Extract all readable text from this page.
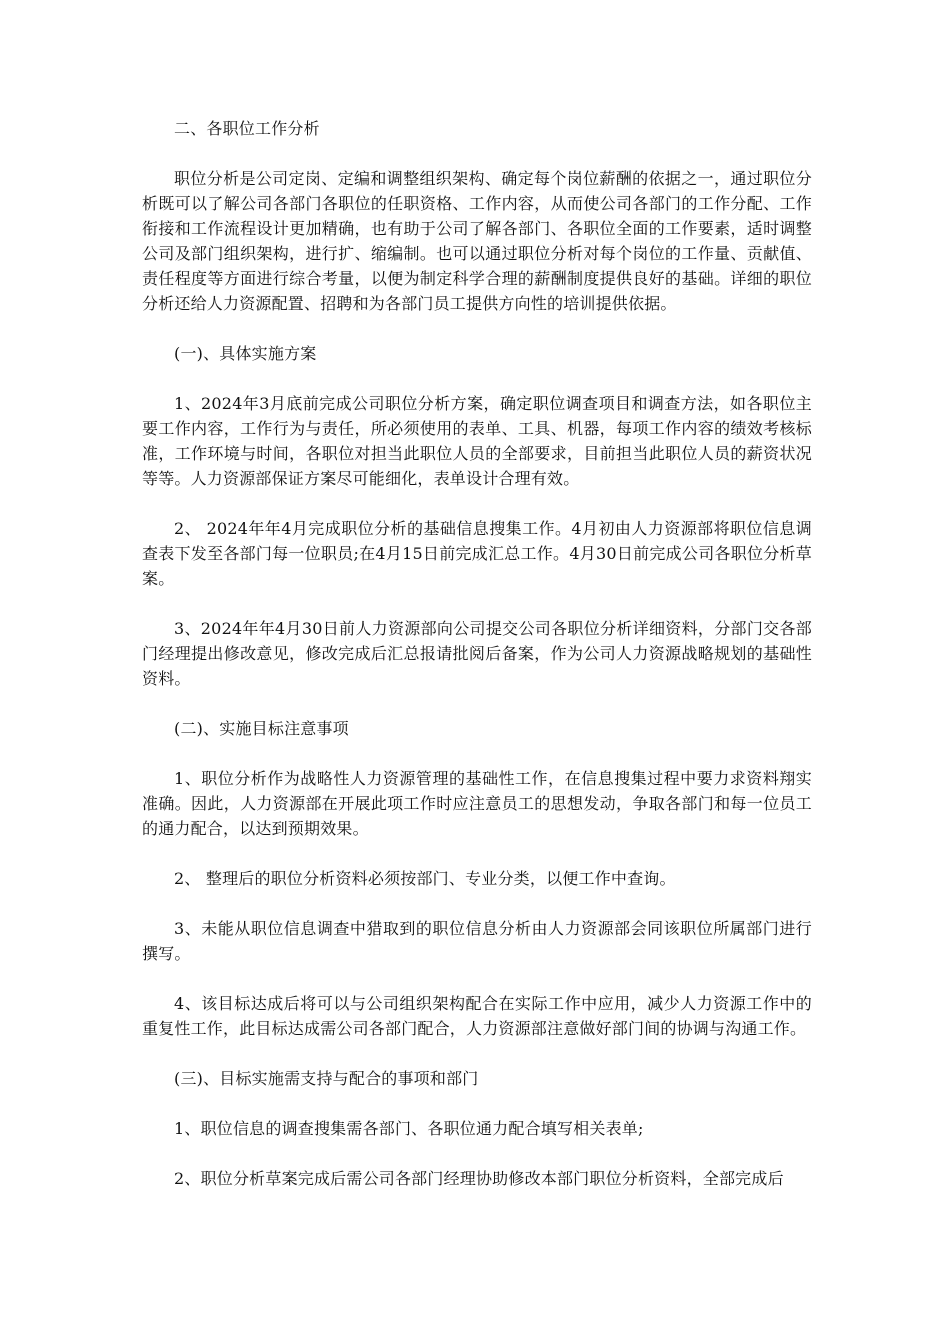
二、各职位工作分析

职位分析是公司定岗、定编和调整组织架构、确定每个岗位薪酬的依据之一，通过职位分析既可以了解公司各部门各职位的任职资格、工作内容，从而使公司各部门的工作分配、工作衔接和工作流程设计更加精确，也有助于公司了解各部门、各职位全面的工作要素，适时调整公司及部门组织架构，进行扩、缩编制。也可以通过职位分析对每个岗位的工作量、贡献值、责任程度等方面进行综合考量，以便为制定科学合理的薪酬制度提供良好的基础。详细的职位分析还给人力资源配置、招聘和为各部门员工提供方向性的培训提供依据。

(一)、具体实施方案

1、2024年3月底前完成公司职位分析方案，确定职位调查项目和调查方法，如各职位主要工作内容，工作行为与责任，所必须使用的表单、工具、机器，每项工作内容的绩效考核标准，工作环境与时间，各职位对担当此职位人员的全部要求，目前担当此职位人员的薪资状况等等。人力资源部保证方案尽可能细化，表单设计合理有效。

2、 2024年年4月完成职位分析的基础信息搜集工作。4月初由人力资源部将职位信息调查表下发至各部门每一位职员;在4月15日前完成汇总工作。4月30日前完成公司各职位分析草案。

3、2024年年4月30日前人力资源部向公司提交公司各职位分析详细资料，分部门交各部门经理提出修改意见，修改完成后汇总报请批阅后备案，作为公司人力资源战略规划的基础性资料。

(二)、实施目标注意事项

1、职位分析作为战略性人力资源管理的基础性工作，在信息搜集过程中要力求资料翔实准确。因此，人力资源部在开展此项工作时应注意员工的思想发动，争取各部门和每一位员工的通力配合，以达到预期效果。

2、 整理后的职位分析资料必须按部门、专业分类，以便工作中查询。

3、未能从职位信息调查中猎取到的职位信息分析由人力资源部会同该职位所属部门进行撰写。

4、该目标达成后将可以与公司组织架构配合在实际工作中应用，减少人力资源工作中的重复性工作，此目标达成需公司各部门配合，人力资源部注意做好部门间的协调与沟通工作。

(三)、目标实施需支持与配合的事项和部门

1、职位信息的调查搜集需各部门、各职位通力配合填写相关表单;

2、职位分析草案完成后需公司各部门经理协助修改本部门职位分析资料，全部完成后
